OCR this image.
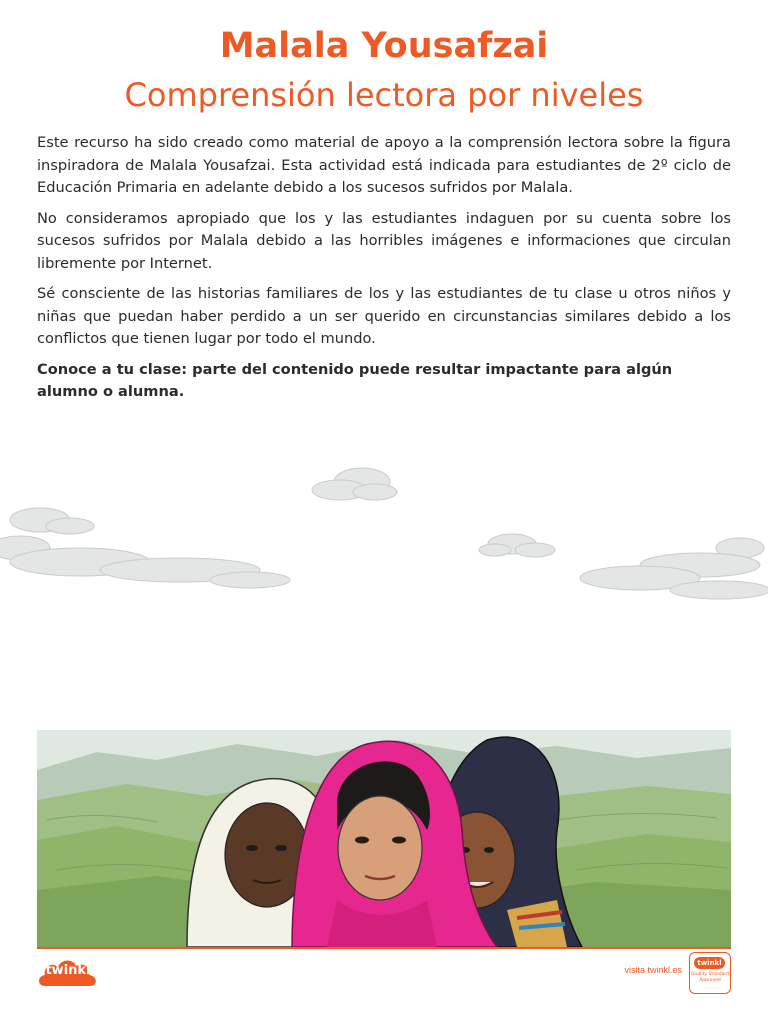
Malala Yousafzai
Comprensión lectora por niveles

Este recurso ha sido creado como material de apoyo a la comprensión lectora sobre la figura inspiradora de Malala Yousafzai. Esta actividad está indicada para estudiantes de 2º ciclo de Educación Primaria en adelante debido a los sucesos sufridos por Malala.

No consideramos apropiado que los y las estudiantes indaguen por su cuenta sobre los sucesos sufridos por Malala debido a las horribles imágenes e informaciones que circulan libremente por Internet.

Sé consciente de las historias familiares de los y las estudiantes de tu clase u otros niños y niñas que puedan haber perdido a un ser querido en circunstancias similares debido a los conflictos que tienen lugar por todo el mundo.

Conoce a tu clase: parte del contenido puede resultar impactante para algún alumno o alumna.

twinkl	visita twinkl.es
twinkl
Quality Standard Approved
